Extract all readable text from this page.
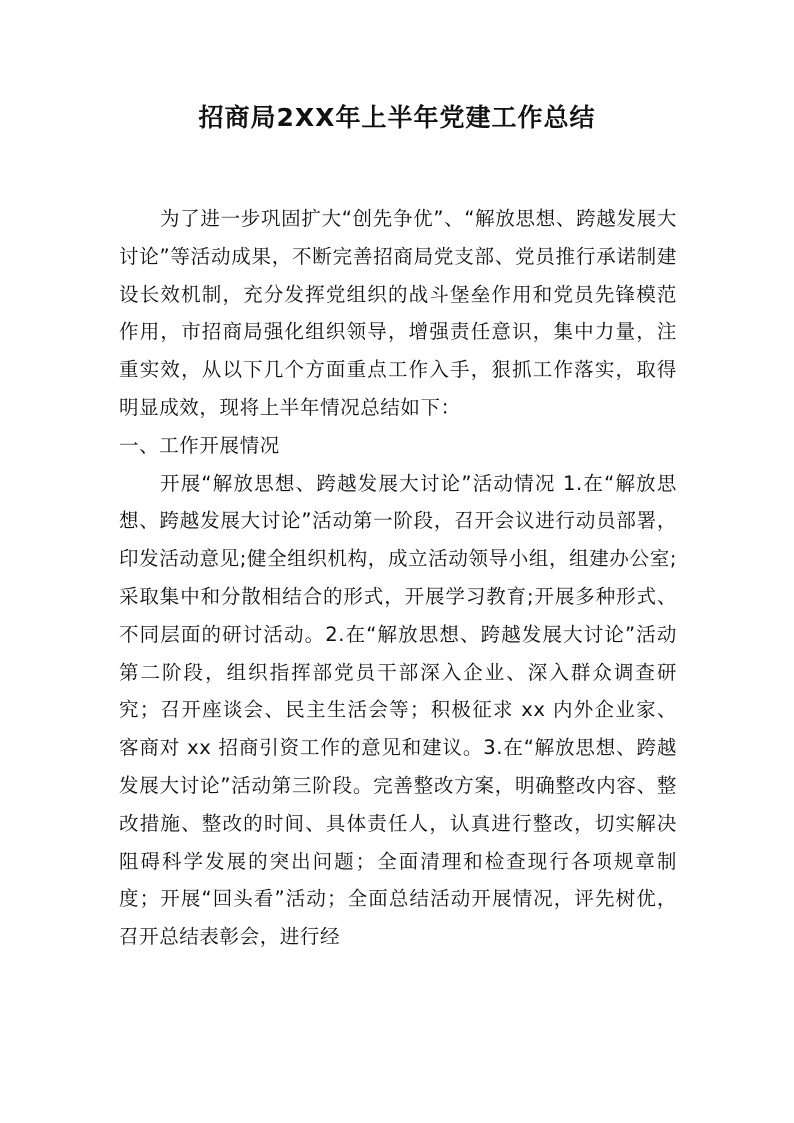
招商局2XX年上半年党建工作总结

为了进一步巩固扩大“创先争优”、“解放思想、跨越发展大讨论”等活动成果，不断完善招商局党支部、党员推行承诺制建设长效机制，充分发挥党组织的战斗堡垒作用和党员先锋模范作用，市招商局强化组织领导，增强责任意识，集中力量，注重实效，从以下几个方面重点工作入手，狠抓工作落实，取得明显成效，现将上半年情况总结如下：

一、工作开展情况

开展“解放思想、跨越发展大讨论”活动情况 1.在“解放思想、跨越发展大讨论”活动第一阶段，召开会议进行动员部署，印发活动意见;健全组织机构，成立活动领导小组，组建办公室;采取集中和分散相结合的形式，开展学习教育;开展多种形式、不同层面的研讨活动。2.在“解放思想、跨越发展大讨论”活动第二阶段，组织指挥部党员干部深入企业、深入群众调查研究；召开座谈会、民主生活会等；积极征求 xx 内外企业家、客商对 xx 招商引资工作的意见和建议。3.在“解放思想、跨越发展大讨论”活动第三阶段。完善整改方案，明确整改内容、整改措施、整改的时间、具体责任人，认真进行整改，切实解决阻碍科学发展的突出问题；全面清理和检查现行各项规章制度；开展“回头看”活动；全面总结活动开展情况，评先树优，召开总结表彰会，进行经
